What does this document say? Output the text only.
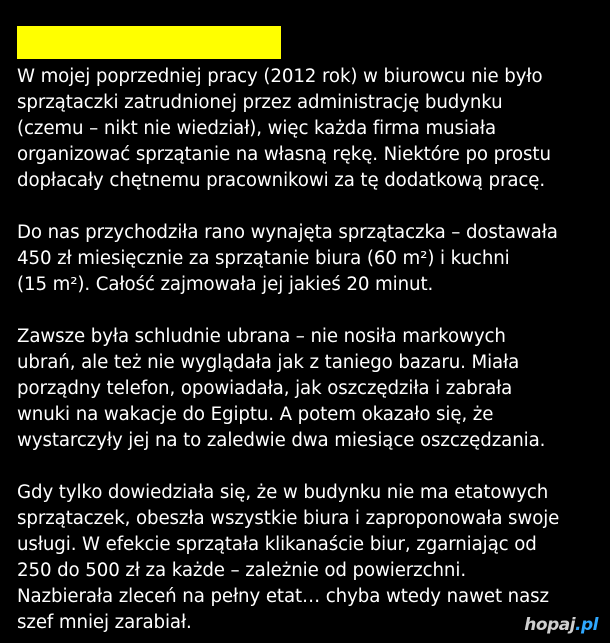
W mojej poprzedniej pracy (2012 rok) w biurowcu nie było
sprzątaczki zatrudnionej przez administrację budynku
(czemu – nikt nie wiedział), więc każda firma musiała
organizować sprzątanie na własną rękę. Niektóre po prostu
dopłacały chętnemu pracownikowi za tę dodatkową pracę.

Do nas przychodziła rano wynajęta sprzątaczka – dostawała
450 zł miesięcznie za sprzątanie biura (60 m²) i kuchni
(15 m²). Całość zajmowała jej jakieś 20 minut.

Zawsze była schludnie ubrana – nie nosiła markowych
ubrań, ale też nie wyglądała jak z taniego bazaru. Miała
porządny telefon, opowiadała, jak oszczędziła i zabrała
wnuki na wakacje do Egiptu. A potem okazało się, że
wystarczyły jej na to zaledwie dwa miesiące oszczędzania.

Gdy tylko dowiedziała się, że w budynku nie ma etatowych
sprzątaczek, obeszła wszystkie biura i zaproponowała swoje
usługi. W efekcie sprzątała klikanaście biur, zgarniając od
250 do 500 zł za każde – zależnie od powierzchni.
Nazbierała zleceń na pełny etat… chyba wtedy nawet nasz
szef mniej zarabiał.	hopaj.pl
